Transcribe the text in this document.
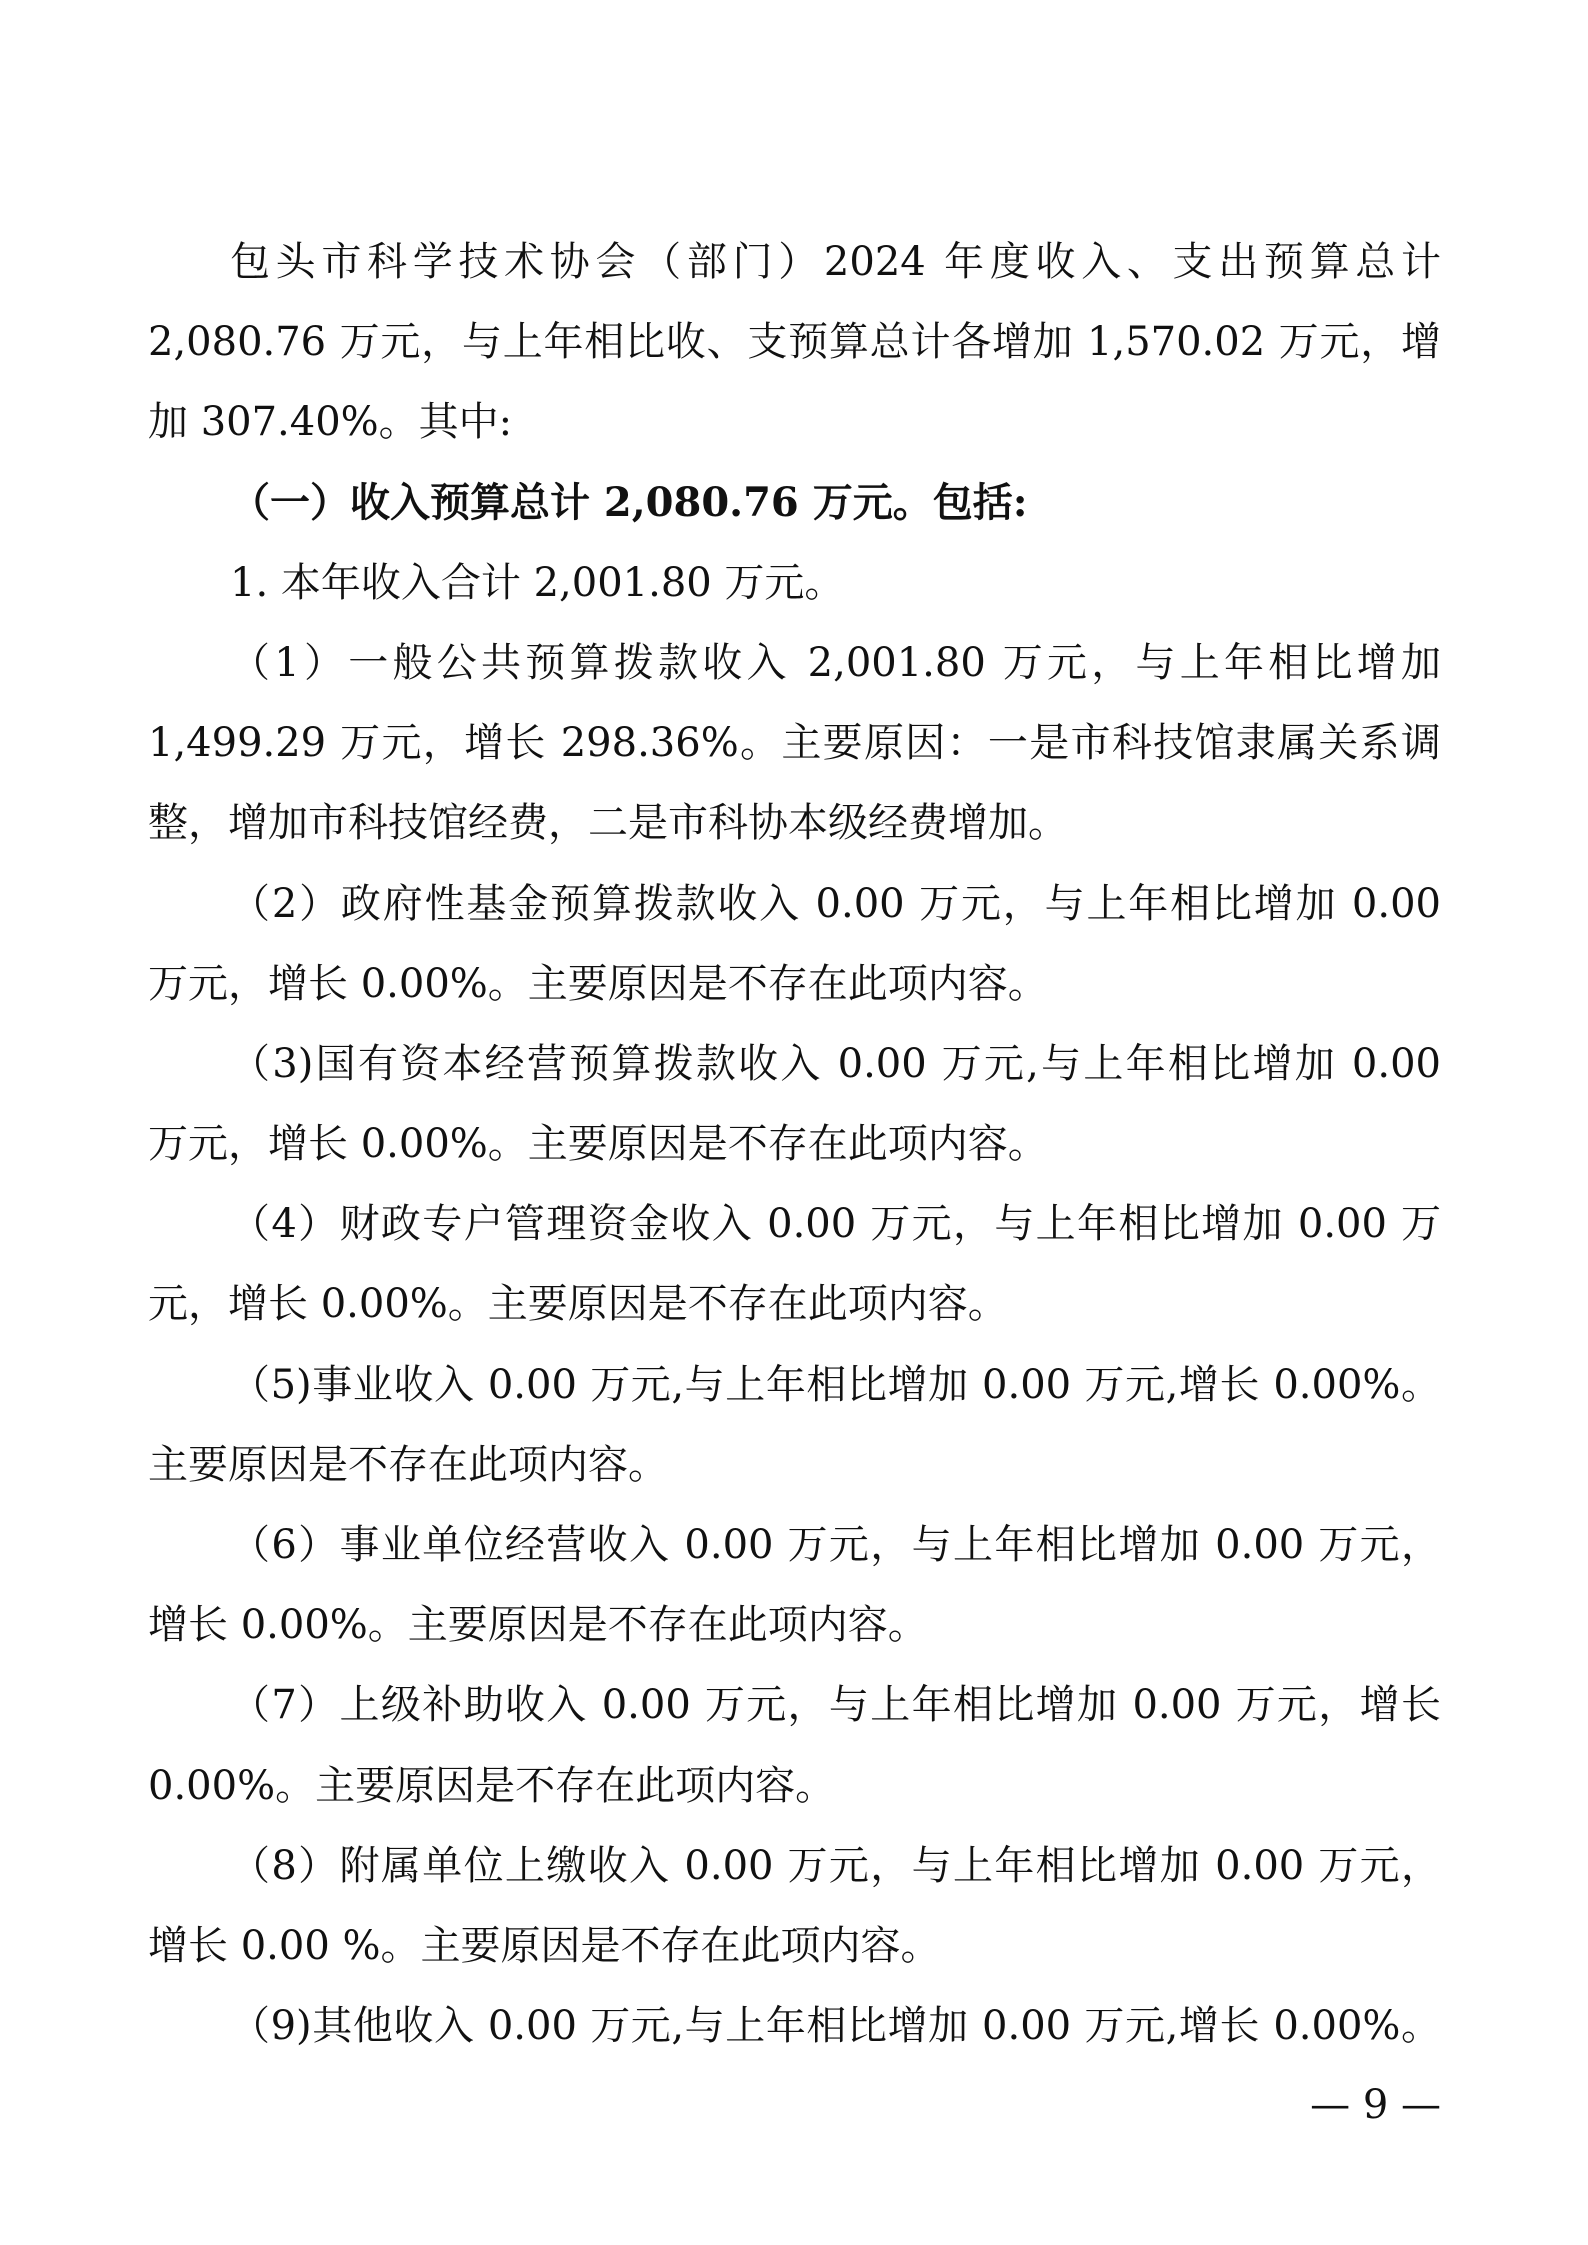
包头市科学技术协会（部门）2024 年度收入、支出预算总计
2,080.76 万元，与上年相比收、支预算总计各增加 1,570.02 万元，增
加 307.40%。其中:
（一）收入预算总计 2,080.76 万元。包括:
1. 本年收入合计 2,001.80 万元。
（1）一般公共预算拨款收入 2,001.80 万元，与上年相比增加
1,499.29 万元，增长 298.36%。主要原因：一是市科技馆隶属关系调
整，增加市科技馆经费，二是市科协本级经费增加。
（2）政府性基金预算拨款收入 0.00 万元，与上年相比增加 0.00
万元，增长 0.00%。主要原因是不存在此项内容。
（3)国有资本经营预算拨款收入 0.00 万元,与上年相比增加 0.00
万元，增长 0.00%。主要原因是不存在此项内容。
（4）财政专户管理资金收入 0.00 万元，与上年相比增加 0.00 万
元，增长 0.00%。主要原因是不存在此项内容。
（5)事业收入 0.00 万元,与上年相比增加 0.00 万元,增长 0.00%。
主要原因是不存在此项内容。
（6）事业单位经营收入 0.00 万元，与上年相比增加 0.00 万元，
增长 0.00%。主要原因是不存在此项内容。
（7）上级补助收入 0.00 万元，与上年相比增加 0.00 万元，增长
0.00%。主要原因是不存在此项内容。
（8）附属单位上缴收入 0.00 万元，与上年相比增加 0.00 万元，
增长 0.00 %。主要原因是不存在此项内容。
（9)其他收入 0.00 万元,与上年相比增加 0.00 万元,增长 0.00%。
— 9 —
